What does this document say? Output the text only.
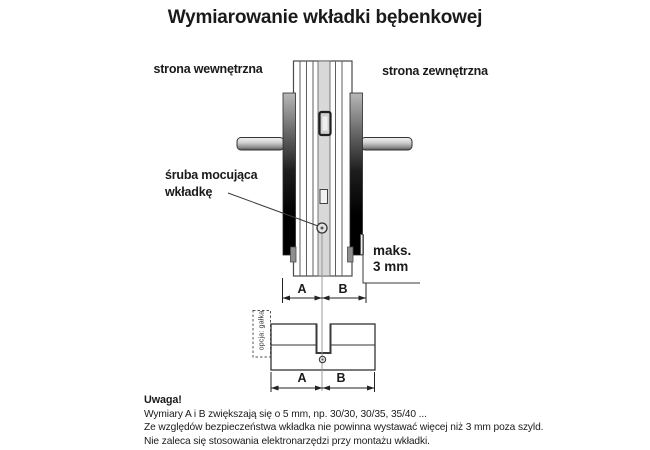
Wymiarowanie wkładki bębenkowej
strona wewnętrzna	strona zewnętrzna
śruba mocująca
wkładkę
maks.
3 mm
A	B
A	B
opcja: gałka
Uwaga!
Wymiary A i B zwiększają się o 5 mm, np. 30/30, 30/35, 35/40 ...
Ze względów bezpieczeństwa wkładka nie powinna wystawać więcej niż 3 mm poza szyld.
Nie zaleca się stosowania elektronarzędzi przy montażu wkładki.
